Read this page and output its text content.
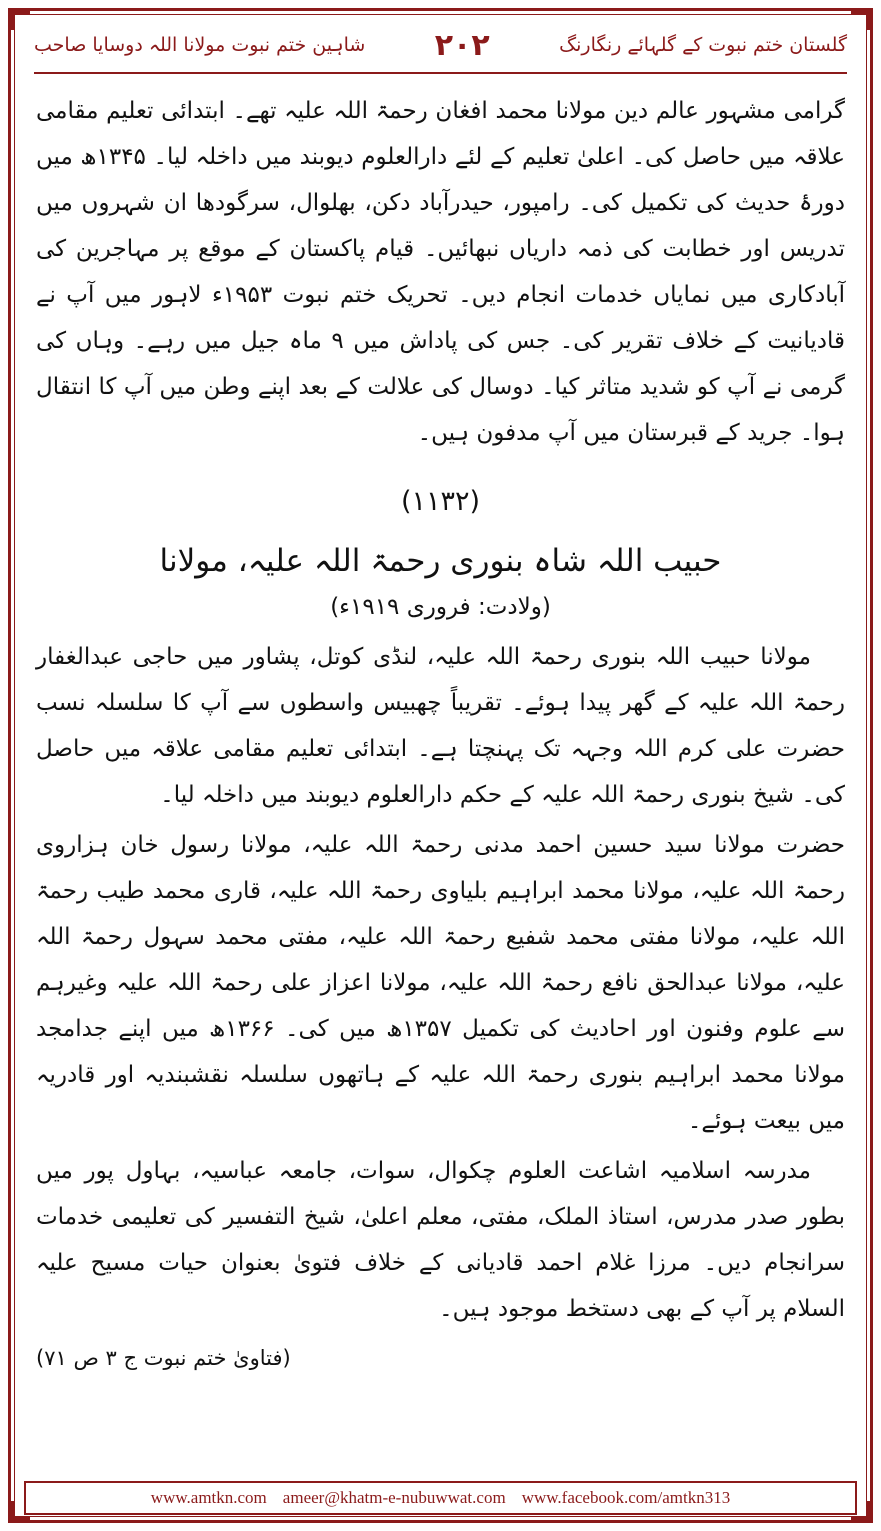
گلستان ختم نبوت کے گلہائے رنگارنگ
۲۰۲
شاہین ختم نبوت مولانا اللہ دوسایا صاحب

گرامی مشہور عالم دین مولانا محمد افغان رحمۃ اللہ علیہ تھے۔ ابتدائی تعلیم مقامی علاقہ میں حاصل کی۔ اعلیٰ تعلیم کے لئے دارالعلوم دیوبند میں داخلہ لیا۔ ۱۳۴۵ھ میں دورۂ حدیث کی تکمیل کی۔ رامپور، حیدرآباد دکن، بھلوال، سرگودھا ان شہروں میں تدریس اور خطابت کی ذمہ داریاں نبھائیں۔ قیام پاکستان کے موقع پر مہاجرین کی آبادکاری میں نمایاں خدمات انجام دیں۔ تحریک ختم نبوت ۱۹۵۳ء لاہور میں آپ نے قادیانیت کے خلاف تقریر کی۔ جس کی پاداش میں ۹ ماہ جیل میں رہے۔ وہاں کی گرمی نے آپ کو شدید متاثر کیا۔ دوسال کی علالت کے بعد اپنے وطن میں آپ کا انتقال ہوا۔ جرید کے قبرستان میں آپ مدفون ہیں۔

(۱۱۳۲)
حبیب اللہ شاہ بنوری رحمۃ اللہ علیہ، مولانا
(ولادت: فروری ۱۹۱۹ء)

مولانا حبیب اللہ بنوری رحمۃ اللہ علیہ، لنڈی کوتل، پشاور میں حاجی عبدالغفار رحمۃ اللہ علیہ کے گھر پیدا ہوئے۔ تقریباً چھبیس واسطوں سے آپ کا سلسلہ نسب حضرت علی کرم اللہ وجہہ تک پہنچتا ہے۔ ابتدائی تعلیم مقامی علاقہ میں حاصل کی۔ شیخ بنوری رحمۃ اللہ علیہ کے حکم دارالعلوم دیوبند میں داخلہ لیا۔

حضرت مولانا سید حسین احمد مدنی رحمۃ اللہ علیہ، مولانا رسول خان ہزاروی رحمۃ اللہ علیہ، مولانا محمد ابراہیم بلیاوی رحمۃ اللہ علیہ، قاری محمد طیب رحمۃ اللہ علیہ، مولانا مفتی محمد شفیع رحمۃ اللہ علیہ، مفتی محمد سہول رحمۃ اللہ علیہ، مولانا عبدالحق نافع رحمۃ اللہ علیہ، مولانا اعزاز علی رحمۃ اللہ علیہ وغیرہم سے علوم وفنون اور احادیث کی تکمیل ۱۳۵۷ھ میں کی۔ ۱۳۶۶ھ میں اپنے جدامجد مولانا محمد ابراہیم بنوری رحمۃ اللہ علیہ کے ہاتھوں سلسلہ نقشبندیہ اور قادریہ میں بیعت ہوئے۔

مدرسہ اسلامیہ اشاعت العلوم چکوال، سوات، جامعہ عباسیہ، بہاول پور میں بطور صدر مدرس، استاذ الملک، مفتی، معلم اعلیٰ، شیخ التفسیر کی تعلیمی خدمات سرانجام دیں۔ مرزا غلام احمد قادیانی کے خلاف فتویٰ بعنوان حیات مسیح علیہ السلام پر آپ کے بھی دستخط موجود ہیں۔

(فتاویٰ ختم نبوت ج ۳ ص ۷۱)
www.amtkn.com ameer@khatm-e-nubuwwat.com www.facebook.com/amtkn313
